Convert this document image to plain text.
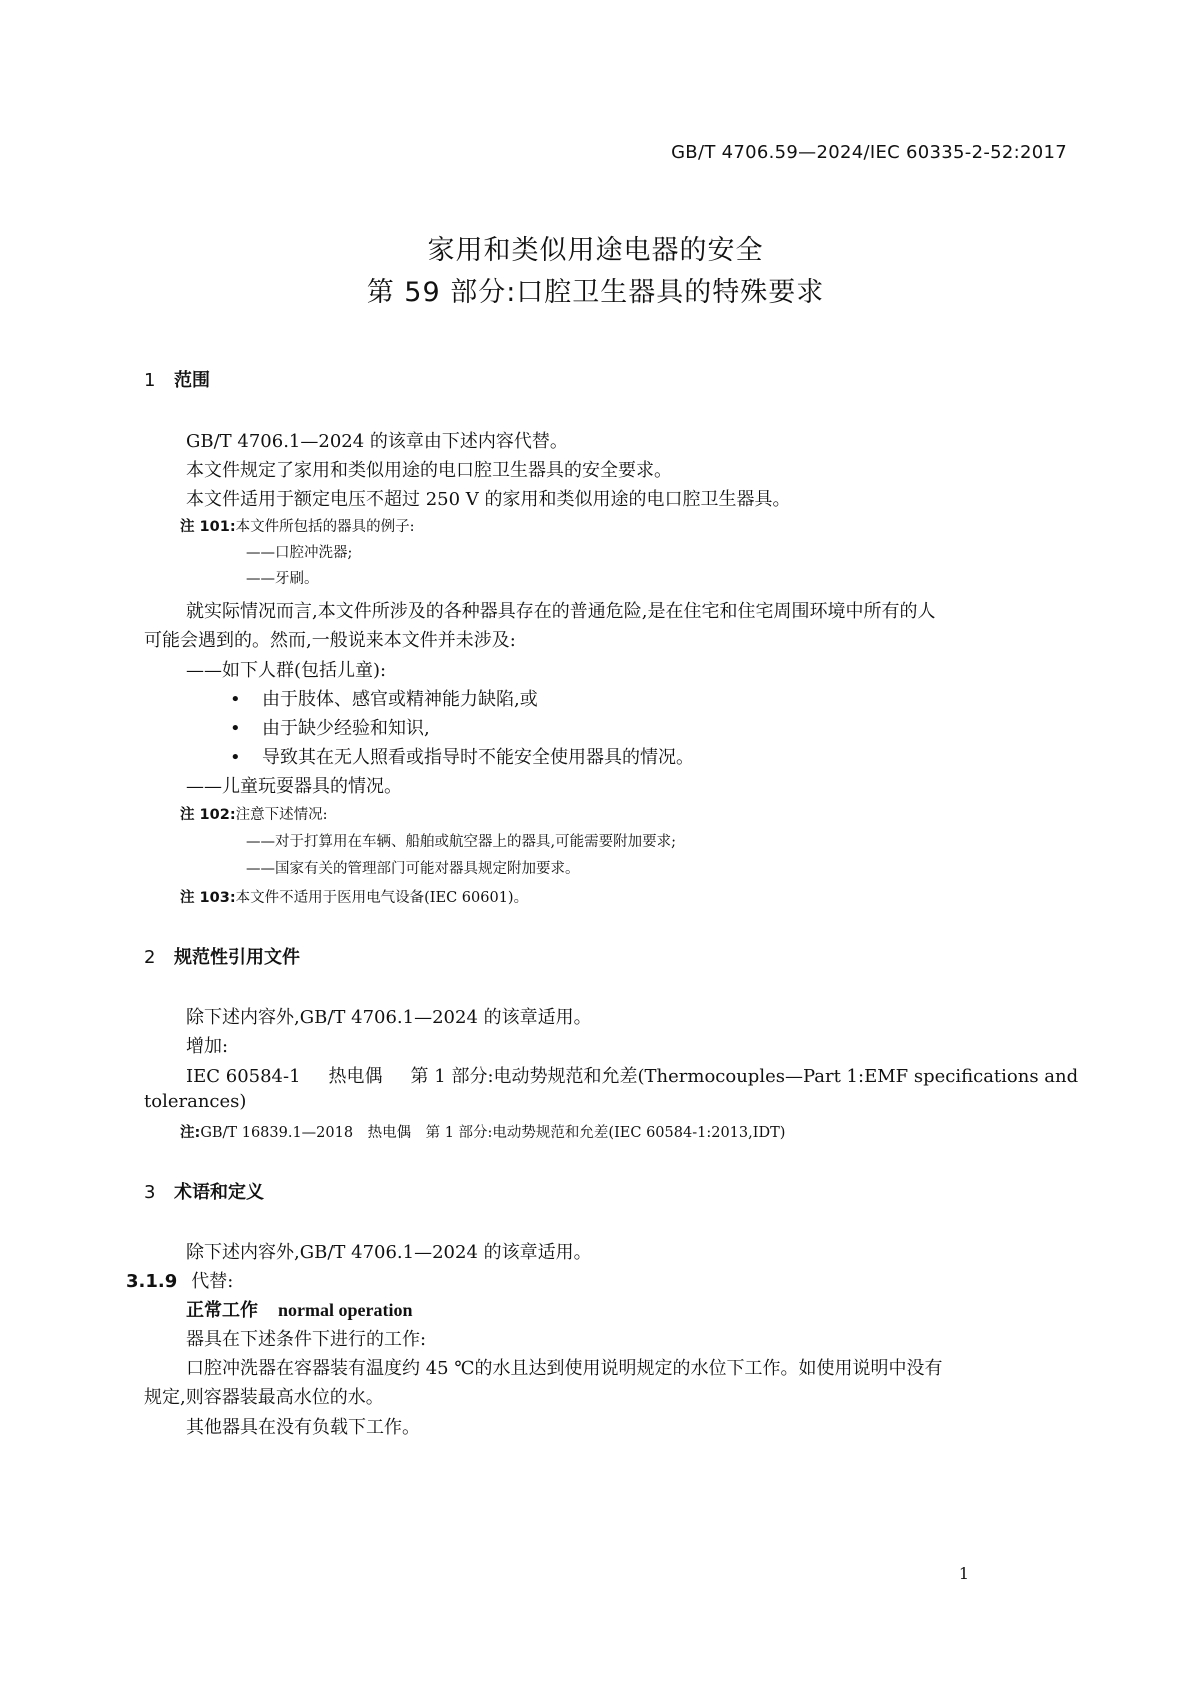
GB/T 4706.59—2024/IEC 60335-2-52:2017
家用和类似用途电器的安全
第 59 部分:口腔卫生器具的特殊要求
1 范围
GB/T 4706.1—2024 的该章由下述内容代替。
本文件规定了家用和类似用途的电口腔卫生器具的安全要求。
本文件适用于额定电压不超过 250 V 的家用和类似用途的电口腔卫生器具。
注 101:本文件所包括的器具的例子:
——口腔冲洗器;
——牙刷。
就实际情况而言,本文件所涉及的各种器具存在的普通危险,是在住宅和住宅周围环境中所有的人
可能会遇到的。然而,一般说来本文件并未涉及:
——如下人群(包括儿童):
• 由于肢体、感官或精神能力缺陷,或
• 由于缺少经验和知识,
• 导致其在无人照看或指导时不能安全使用器具的情况。
——儿童玩耍器具的情况。
注 102:注意下述情况:
——对于打算用在车辆、船舶或航空器上的器具,可能需要附加要求;
——国家有关的管理部门可能对器具规定附加要求。
注 103:本文件不适用于医用电气设备(IEC 60601)。
2 规范性引用文件
除下述内容外,GB/T 4706.1—2024 的该章适用。
增加:
IEC 60584-1 热电偶 第 1 部分:电动势规范和允差(Thermocouples—Part 1:EMF specifications and
tolerances)
注:GB/T 16839.1—2018　热电偶　第 1 部分:电动势规范和允差(IEC 60584-1:2013,IDT)
3 术语和定义
除下述内容外,GB/T 4706.1—2024 的该章适用。
3.1.9 代替:
正常工作 normal operation
器具在下述条件下进行的工作:
口腔冲洗器在容器装有温度约 45 ℃的水且达到使用说明规定的水位下工作。如使用说明中没有
规定,则容器装最高水位的水。
其他器具在没有负载下工作。
1
